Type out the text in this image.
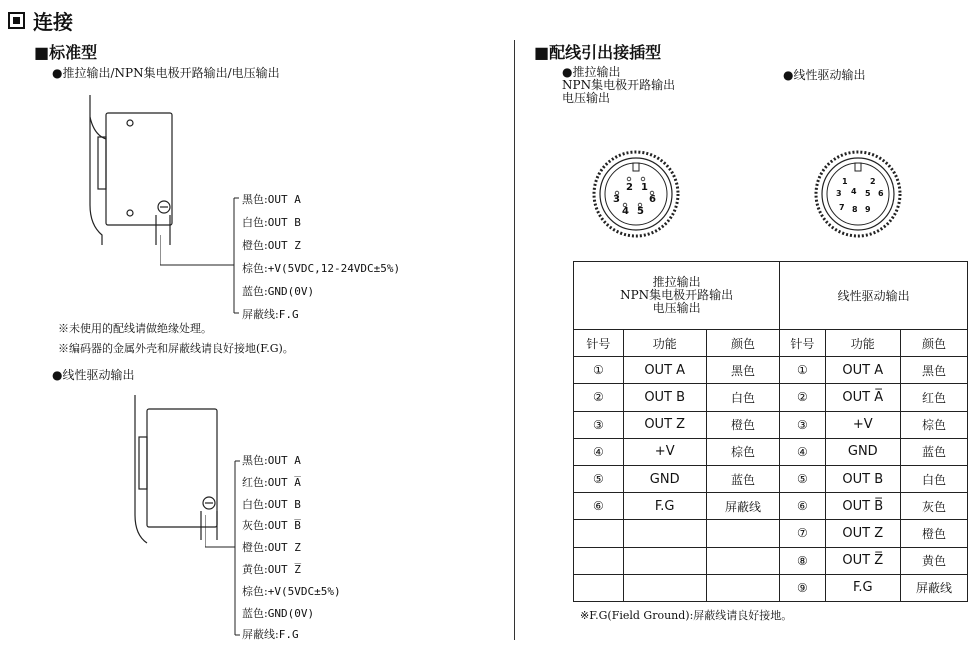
连接
■标准型
●推拉输出/NPN集电极开路输出/电压输出
黑色:OUT A
白色:OUT B
橙色:OUT Z
棕色:+V(5VDC,12-24VDC±5%)
蓝色:GND(0V)
屏蔽线:F.G
※未使用的配线请做绝缘处理。
※编码器的金属外壳和屏蔽线请良好接地(F.G)。
●线性驱动输出
黑色:OUT A
红色:OUT A̅
白色:OUT B
灰色:OUT B̅
橙色:OUT Z
黄色:OUT Z̅
棕色:+V(5VDC±5%)
蓝色:GND(0V)
屏蔽线:F.G
■配线引出接插型
●推拉输出
NPN集电极开路输出
电压输出
●线性驱动输出
1
2
3
4 5
6
1	2
3 4 5 6
7 8 9
推拉输出
NPN集电极开路输出
电压输出			线性驱动输出		
针号	功能	颜色	针号	功能	颜色
①	OUT A	黑色	①	OUT A	黑色
②	OUT B	白色	②	OUT A̅	红色
③	OUT Z	橙色	③	+V	棕色
④	+V	棕色	④	GND	蓝色
⑤	GND	蓝色	⑤	OUT B	白色
⑥	F.G	屏蔽线	⑥	OUT B̅	灰色
			⑦	OUT Z	橙色
			⑧	OUT Z̅	黄色
			⑨	F.G	屏蔽线
※F.G(Field Ground):屏蔽线请良好接地。
